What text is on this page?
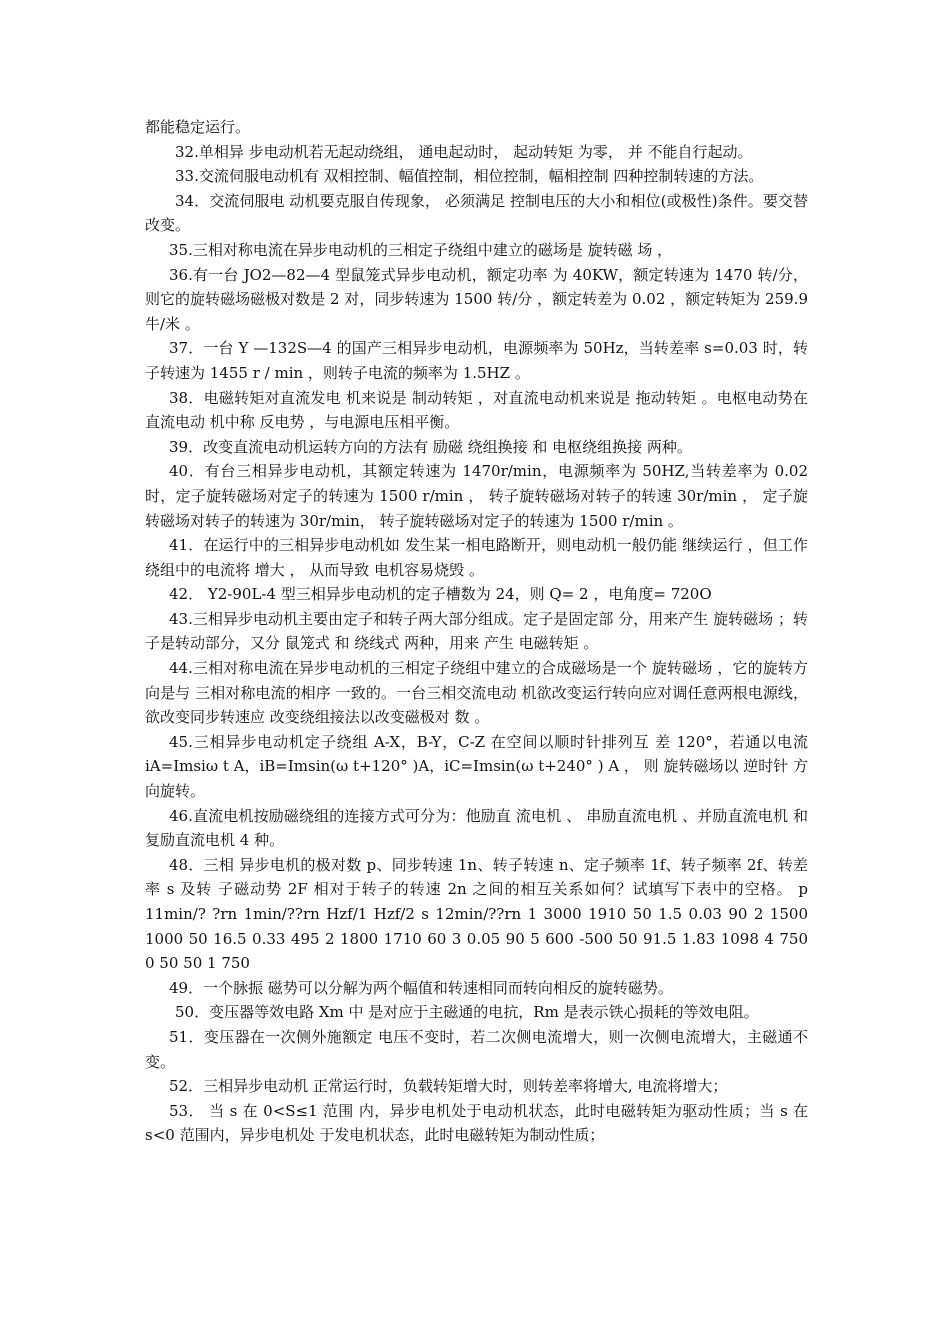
都能稳定运行。

32.单相异 步电动机若无起动绕组， 通电起动时， 起动转矩 为零， 并 不能自行起动。

33.交流伺服电动机有 双相控制、幅值控制，相位控制，幅相控制 四种控制转速的方法。

34．交流伺服电 动机要克服自传现象， 必须满足 控制电压的大小和相位(或极性)条件。要交替改变。

35.三相对称电流在异步电动机的三相定子绕组中建立的磁场是 旋转磁 场 ，

36.有一台 JO2—82—4 型鼠笼式异步电动机，额定功率 为 40KW，额定转速为 1470 转/分，则它的旋转磁场磁极对数是 2 对，同步转速为 1500 转/分 ，额定转差为 0.02 ，额定转矩为 259.9 牛/米 。

37．一台 Y —132S—4 的国产三相异步电动机，电源频率为 50Hz，当转差率 s=0.03 时，转 子转速为 1455 r / min ，则转子电流的频率为 1.5HZ 。

38．电磁转矩对直流发电 机来说是 制动转矩 ，对直流电动机来说是 拖动转矩 。电枢电动势在直流电动 机中称 反电势 ，与电源电压相平衡。

39．改变直流电动机运转方向的方法有 励磁 绕组换接 和 电枢绕组换接 两种。

40．有台三相异步电动机，其额定转速为 1470r/min，电源频率为 50HZ,当转差率为 0.02 时，定子旋转磁场对定子的转速为 1500 r/min ， 转子旋转磁场对转子的转速 30r/min ， 定子旋转磁场对转子的转速为 30r/min， 转子旋转磁场对定子的转速为 1500 r/min 。

41．在运行中的三相异步电动机如 发生某一相电路断开，则电动机一般仍能 继续运行 ，但工作绕组中的电流将 增大 ， 从而导致 电机容易烧毁 。

42． Y2-90L-4 型三相异步电动机的定子槽数为 24，则 Q= 2 ，电角度= 720O

43.三相异步电动机主要由定子和转子两大部分组成。定子是固定部 分，用来产生 旋转磁场 ；转子是转动部分，又分 鼠笼式 和 绕线式 两种，用来 产生 电磁转矩 。

44.三相对称电流在异步电动机的三相定子绕组中建立的合成磁场是一个 旋转磁场 ，它的旋转方向是与 三相对称电流的相序 一致的。一台三相交流电动 机欲改变运行转向应对调任意两根电源线， 欲改变同步转速应 改变绕组接法以改变磁极对 数 。

45.三相异步电动机定子绕组 A-X，B-Y，C-Z 在空间以顺时针排列互 差 120°，若通以电流 iA=Imsiω t A，iB=Imsin(ω t+120° )A，iC=Imsin(ω t+240° ) A ， 则 旋转磁场以 逆时针 方向旋转。

46.直流电机按励磁绕组的连接方式可分为：他励直 流电机 、 串励直流电机 、并励直流电机 和 复励直流电机 4 种。

48．三相 异步电机的极对数 p、同步转速 1n、转子转速 n、定子频率 1f、转子频率 2f、转差率 s 及转 子磁动势 2F 相对于转子的转速 2n 之间的相互关系如何？试填写下表中的空格。 p 11min/? ?rn 1min/??rn Hzf/1 Hzf/2 s 12min/??rn 1 3000 1910 50 1.5 0.03 90 2 1500 1000 50 16.5 0.33 495 2 1800 1710 60 3 0.05 90 5 600 -500 50 91.5 1.83 1098 4 750 0 50 50 1 750

49．一个脉振 磁势可以分解为两个幅值和转速相同而转向相反的旋转磁势。

50．变压器等效电路 Xm 中 是对应于主磁通的电抗，Rm 是表示铁心损耗的等效电阻。

51．变压器在一次侧外施额定 电压不变时，若二次侧电流增大，则一次侧电流增大，主磁通不变。

52．三相异步电动机 正常运行时，负载转矩增大时，则转差率将增大, 电流将增大；

53． 当 s 在 0<S≤1 范围 内，异步电机处于电动机状态，此时电磁转矩为驱动性质；当 s 在 s<0 范围内，异步电机处 于发电机状态，此时电磁转矩为制动性质；
